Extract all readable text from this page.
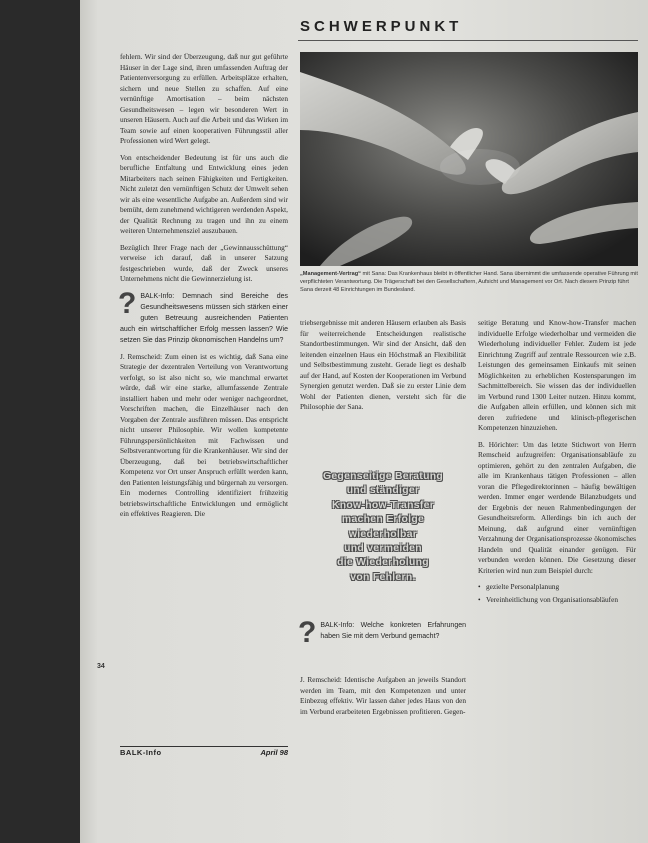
SCHWERPUNKT

fehlern. Wir sind der Überzeugung, daß nur gut geführte Häuser in der Lage sind, ihren umfassenden Auftrag der Patientenversorgung zu erfüllen. Arbeitsplätze erhalten, sichern und neue Stellen zu schaffen. Auf eine vernünftige Amortisation – beim nächsten Gesundheitswesen – legen wir besonderen Wert in unseren Häusern. Auch auf die Arbeit und das Wirken im Team sowie auf einen kooperativen Führungsstil aller Professionen wird Wert gelegt.

Von entscheidender Bedeutung ist für uns auch die berufliche Entfaltung und Entwicklung eines jeden Mitarbeiters nach seinen Fähigkeiten und Fertigkeiten. Nicht zuletzt den vernünftigen Schutz der Umwelt sehen wir als eine wesentliche Aufgabe an. Außerdem sind wir bemüht, dem zunehmend wichtigeren werdenden Aspekt, der Qualität Rechnung zu tragen und ihn zu einem weiteren Unternehmensziel auszubauen.

Bezüglich Ihrer Frage nach der „Gewinnausschüttung“ verweise ich darauf, daß in unserer Satzung festgeschrieben wurde, daß der Zweck unseres Unternehmens nicht die Gewinnerzielung ist.

? BALK-Info: Demnach sind Bereiche des Gesundheitswesens müssen sich stärken einer guten Betreuung ausreichenden Patienten auch ein wirtschaftlicher Erfolg messen lassen? Wie setzen Sie das Prinzip ökonomischen Handelns um?

J. Remscheid: Zum einen ist es wichtig, daß Sana eine Strategie der dezentralen Verteilung von Verantwortung verfolgt, so ist also nicht so, wie manchmal erwartet würde, daß wir eine starke, allumfassende Zentrale installiert haben und mehr oder weniger nachgeordnet, Vorschriften machen, die Einzelhäuser nach den Vorgaben der Zentrale ausführen müssen. Das entspricht nicht unserer Philosophie. Wir wollen kompetente Führungspersönlichkeiten mit Fachwissen und Selbstverantwortung für die Krankenhäuser. Wir sind der Überzeugung, daß bei betriebswirtschaftlicher Kompetenz vor Ort unser Anspruch erfüllt werden kann, den Patienten leistungsfähig und bürgernah zu versorgen. Ein modernes Controlling identifiziert frühzeitig betriebswirtschaftliche Entwicklungen und ermöglicht ein effektives Reagieren. Die

„Management-Vertrag“ mit Sana: Das Krankenhaus bleibt in öffentlicher Hand. Sana übernimmt die umfassende operative Führung mit verpflichteten Verantwortung. Die Trägerschaft bei den Gesellschaftern, Aufsicht und Management vor Ort. Nach diesem Prinzip führt Sana derzeit 48 Einrichtungen im Bundesland.

triebsergebnisse mit anderen Häusern erlauben als Basis für weiterreichende Entscheidungen realistische Standortbestimmungen. Wir sind der Ansicht, daß den leitenden einzelnen Haus ein Höchstmaß an Flexibilität und Selbstbestimmung zusteht. Gerade liegt es deshalb auf der Hand, auf Kosten der Kooperationen im Verbund Synergien genutzt werden. Daß sie zu erster Linie dem Wohl der Patienten dienen, versteht sich für die Philosophie der Sana.

Gegenseitige Beratung
und ständiger
Know-how-Transfer
machen Erfolge
wiederholbar
und vermeiden
die Wiederholung
von Fehlern.
? BALK-Info: Welche konkreten Erfahrungen haben Sie mit dem Verbund gemacht?

J. Remscheid: Identische Aufgaben an jeweils Standort werden im Team, mit den Kompetenzen und unter Einbezug effektiv. Wir lassen daher jedes Haus von den im Verbund erarbeiteten Ergebnissen profitieren. Gegen-

seitige Beratung und Know-how-Transfer machen individuelle Erfolge wiederholbar und vermeiden die Wiederholung individueller Fehler. Zudem ist jede Einrichtung Zugriff auf zentrale Ressourcen wie z.B. Leistungen des gemeinsamen Einkaufs mit seinen Möglichkeiten zu erheblichen Kostensparungen im Sachmittelbereich. Sie wissen das der individuellen im Verbund rund 1300 Leiter nutzen. Hinzu kommt, die Aufgaben allein erfüllen, und können sich mit deren zufriedene und klinisch-pflegerischen Kompetenzen hinzuziehen.

B. Hörichter: Um das letzte Stichwort von Herrn Remscheid aufzugreifen: Organisationsabläufe zu optimieren, gehört zu den zentralen Aufgaben, die alle im Krankenhaus tätigen Professionen – allen voran die Pflegedirektorinnen – häufig bewältigen werden. Immer enger werdende Bilanzbudgets und der Ergebnis der neuen Rahmenbedingungen der Gesundheitsreform. Allerdings bin ich auch der Meinung, daß aufgrund einer vernünftigen Verzahnung der Organisationsprozesse ökonomisches Handeln und Qualität einander genügen. Für verbunden werden können. Die Gesetzung dieser Kriterien wird nun zum Beispiel durch:

• gezielte Personalplanung
• Vereinheitlichung von Organisationsabläufen
34
BALK-Info	April 98
